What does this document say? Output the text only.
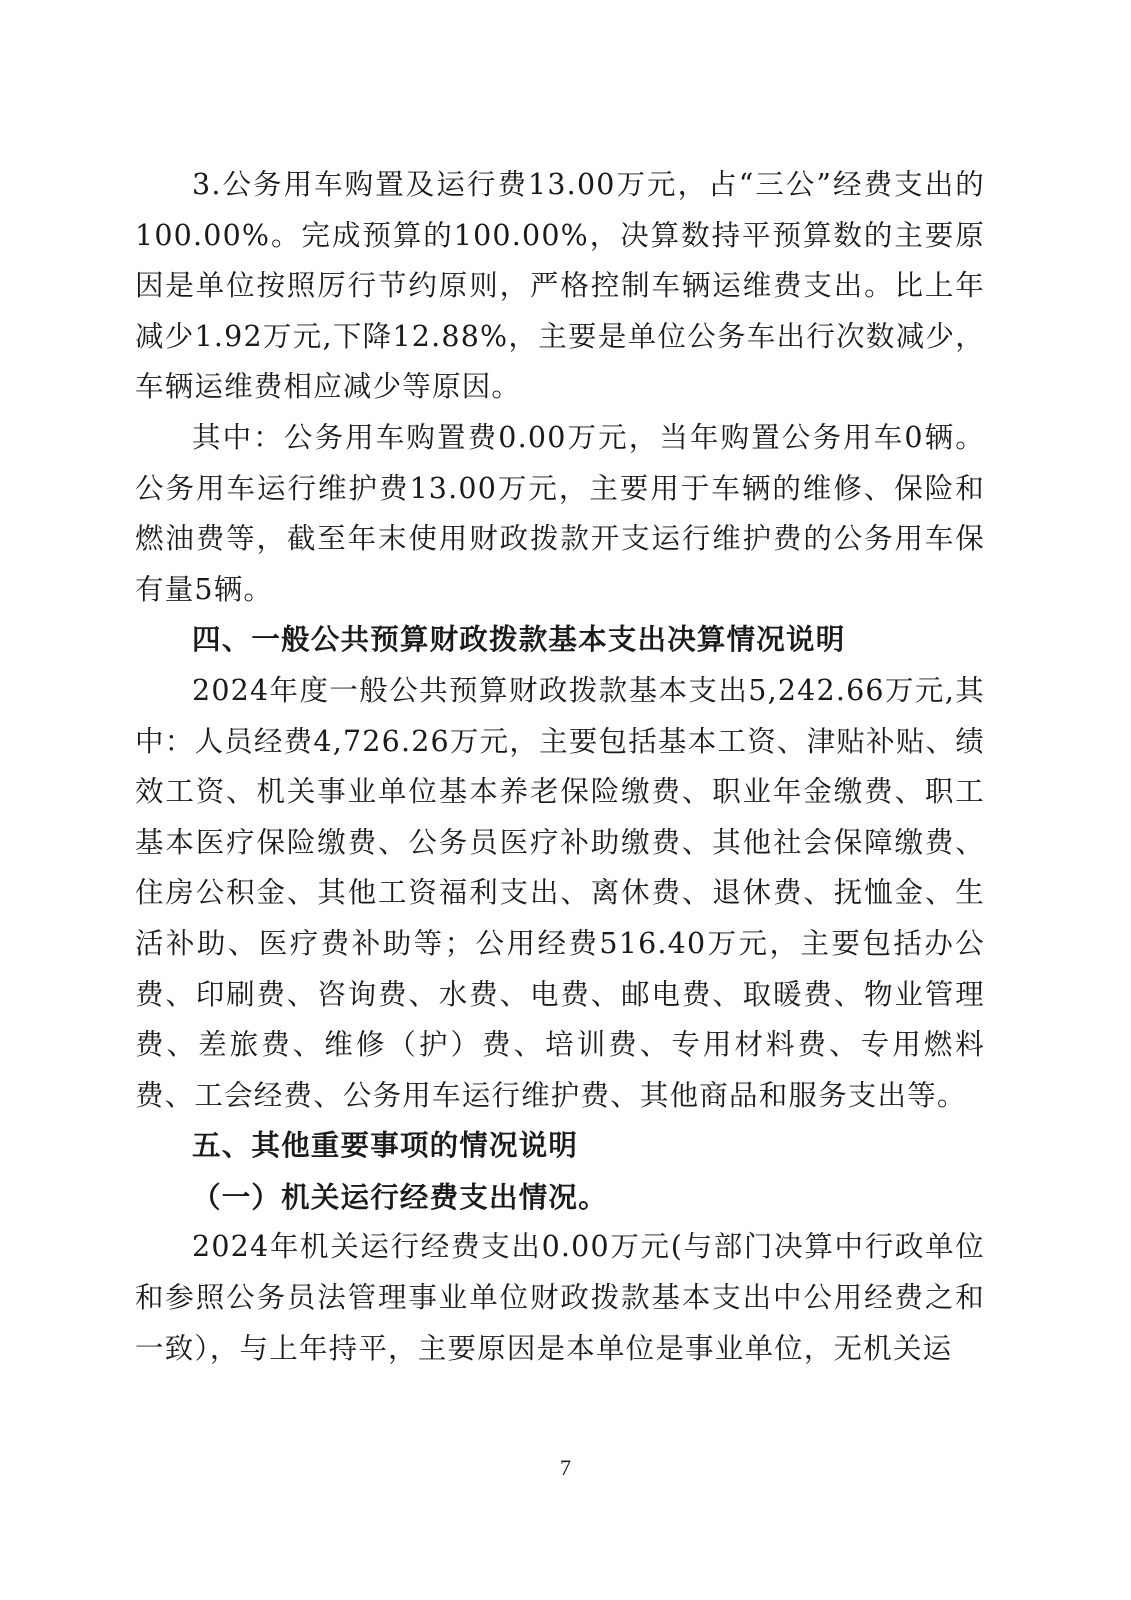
3.公务用车购置及运行费13.00万元，占“三公”经费支出的100.00%。完成预算的100.00%，决算数持平预算数的主要原因是单位按照厉行节约原则，严格控制车辆运维费支出。比上年减少1.92万元,下降12.88%，主要是单位公务车出行次数减少，车辆运维费相应减少等原因。

其中：公务用车购置费0.00万元，当年购置公务用车0辆。公务用车运行维护费13.00万元，主要用于车辆的维修、保险和燃油费等，截至年末使用财政拨款开支运行维护费的公务用车保有量5辆。

四、一般公共预算财政拨款基本支出决算情况说明

2024年度一般公共预算财政拨款基本支出5,242.66万元,其中：人员经费4,726.26万元，主要包括基本工资、津贴补贴、绩效工资、机关事业单位基本养老保险缴费、职业年金缴费、职工基本医疗保险缴费、公务员医疗补助缴费、其他社会保障缴费、住房公积金、其他工资福利支出、离休费、退休费、抚恤金、生活补助、医疗费补助等；公用经费516.40万元，主要包括办公费、印刷费、咨询费、水费、电费、邮电费、取暖费、物业管理费、差旅费、维修（护）费、培训费、专用材料费、专用燃料费、工会经费、公务用车运行维护费、其他商品和服务支出等。

五、其他重要事项的情况说明

（一）机关运行经费支出情况。

2024年机关运行经费支出0.00万元(与部门决算中行政单位和参照公务员法管理事业单位财政拨款基本支出中公用经费之和一致），与上年持平，主要原因是本单位是事业单位，无机关运

7
